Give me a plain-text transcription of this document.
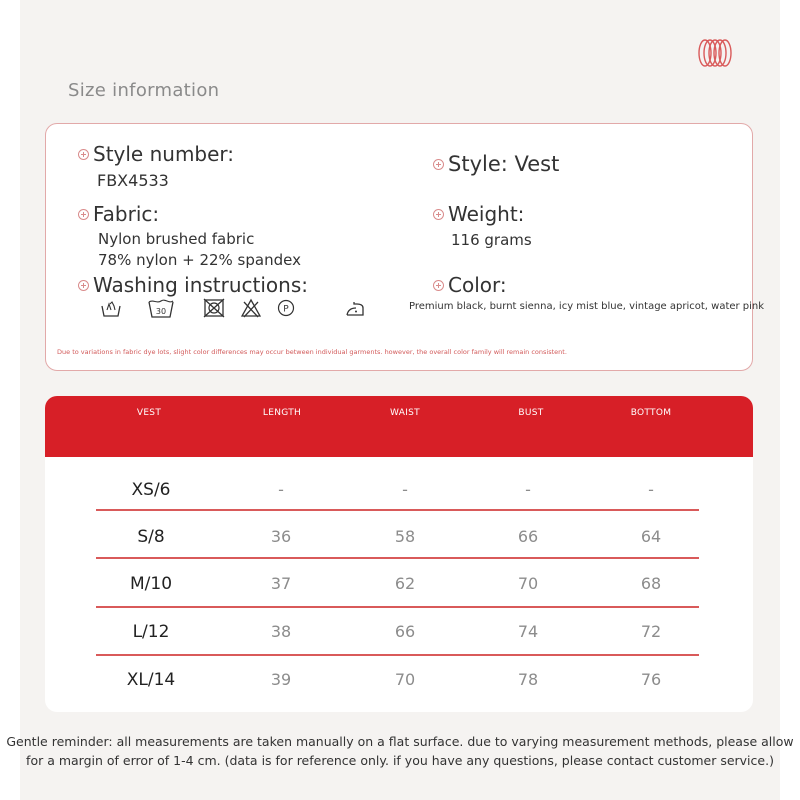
Size information
Style number:
FBX4533
Style: Vest
Fabric:
Nylon brushed fabric
78% nylon + 22% spandex
Weight:
116 grams
Washing instructions:
30	P
Color:
Premium black, burnt sienna, icy mist blue, vintage apricot, water pink
Due to variations in fabric dye lots, slight color differences may occur between individual garments. however, the overall color family will remain consistent.
VEST	LENGTH	WAIST	BUST	BOTTOM
XS/6	-	-	-	-
S/8	36	58	66	64
M/10	37	62	70	68
L/12	38	66	74	72
XL/14	39	70	78	76
Gentle reminder: all measurements are taken manually on a flat surface. due to varying measurement methods, please allow
for a margin of error of 1-4 cm. (data is for reference only. if you have any questions, please contact customer service.)
